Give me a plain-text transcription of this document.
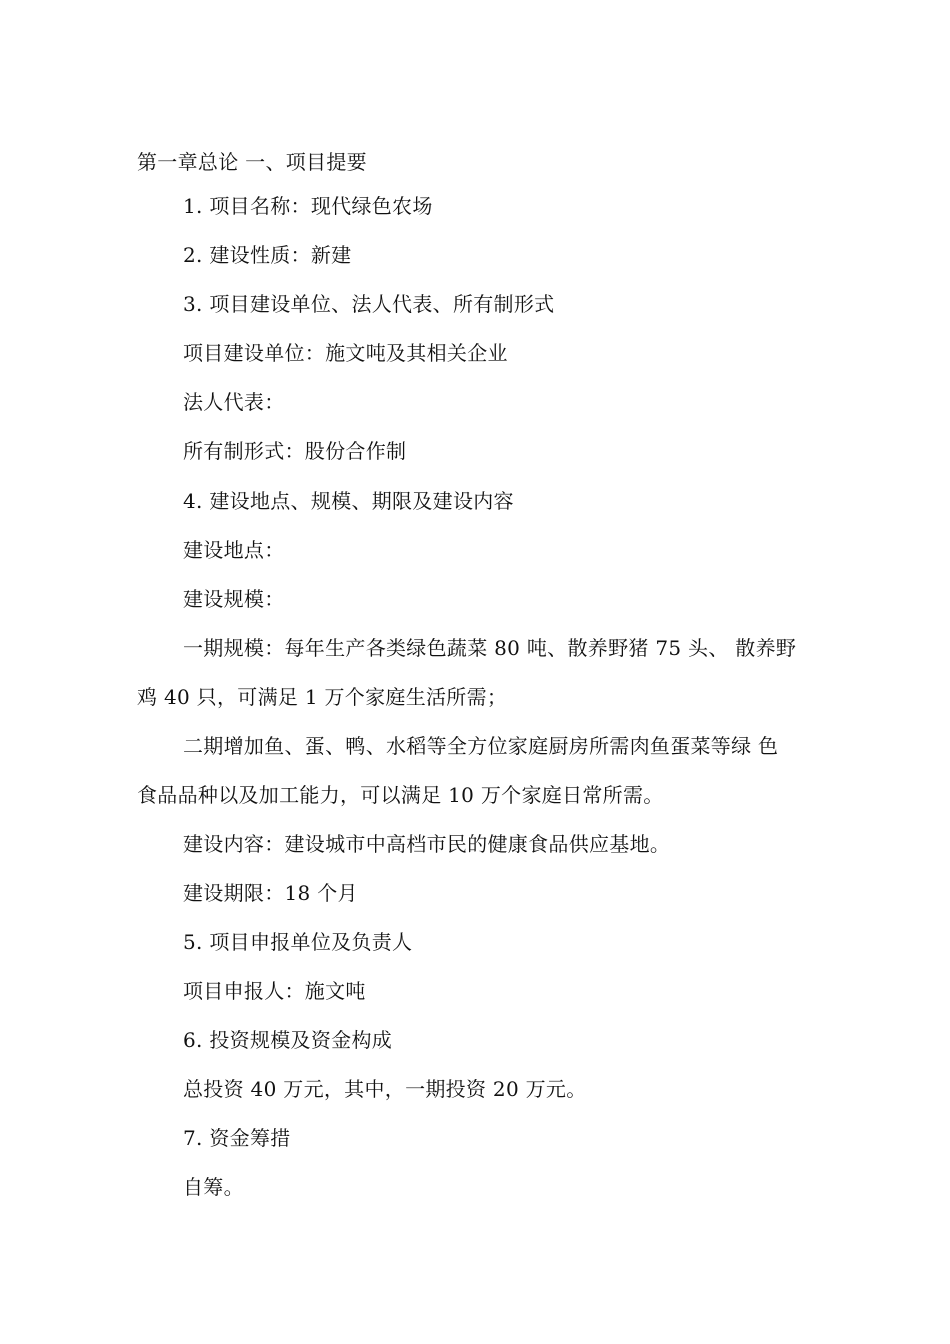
第一章总论 一、项目提要
1. 项目名称：现代绿色农场
2. 建设性质：新建
3. 项目建设单位、法人代表、所有制形式
项目建设单位：施文吨及其相关企业
法人代表：
所有制形式：股份合作制
4. 建设地点、规模、期限及建设内容
建设地点：
建设规模：
一期规模：每年生产各类绿色蔬菜 80 吨、散养野猪 75 头、 散养野
鸡 40 只，可满足 1 万个家庭生活所需；
二期增加鱼、蛋、鸭、水稻等全方位家庭厨房所需肉鱼蛋菜等绿 色
食品品种以及加工能力，可以满足 10 万个家庭日常所需。
建设内容：建设城市中高档市民的健康食品供应基地。
建设期限：18 个月
5. 项目申报单位及负责人
项目申报人：施文吨
6. 投资规模及资金构成
总投资 40 万元，其中，一期投资 20 万元。
7. 资金筹措
自筹。
